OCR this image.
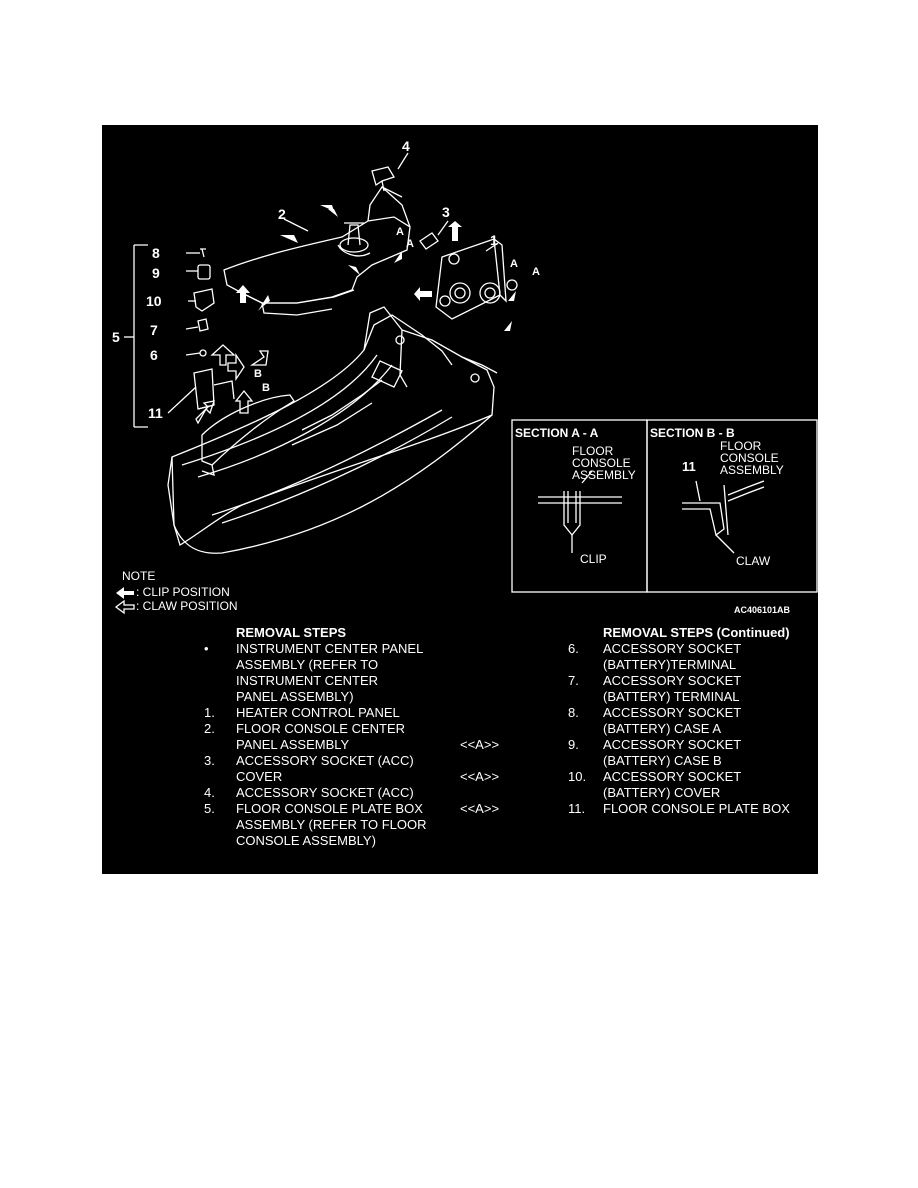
1
2	3
4
5
6
7
8
9
10
11
A
A
A
A
B
B
SECTION A - A
FLOOR
CONSOLE
ASSEMBLY
CLIP
SECTION B - B
11
FLOOR
CONSOLE
ASSEMBLY
CLAW
NOTE
: CLIP POSITION
: CLAW POSITION	AC406101AB
REMOVAL STEPS
• INSTRUMENT CENTER PANEL
ASSEMBLY (REFER TO
INSTRUMENT CENTER
PANEL ASSEMBLY)
1. HEATER CONTROL PANEL
2. FLOOR CONSOLE CENTER
PANEL ASSEMBLY
3. ACCESSORY SOCKET (ACC)
COVER
4. ACCESSORY SOCKET (ACC)
5. FLOOR CONSOLE PLATE BOX
ASSEMBLY (REFER TO FLOOR
CONSOLE ASSEMBLY)
<<A>>
<<A>>
<<A>>
REMOVAL STEPS (Continued)
6. ACCESSORY SOCKET
(BATTERY)TERMINAL
7. ACCESSORY SOCKET
(BATTERY) TERMINAL
8. ACCESSORY SOCKET
(BATTERY) CASE A
9. ACCESSORY SOCKET
(BATTERY) CASE B
10. ACCESSORY SOCKET
(BATTERY) COVER
11. FLOOR CONSOLE PLATE BOX
